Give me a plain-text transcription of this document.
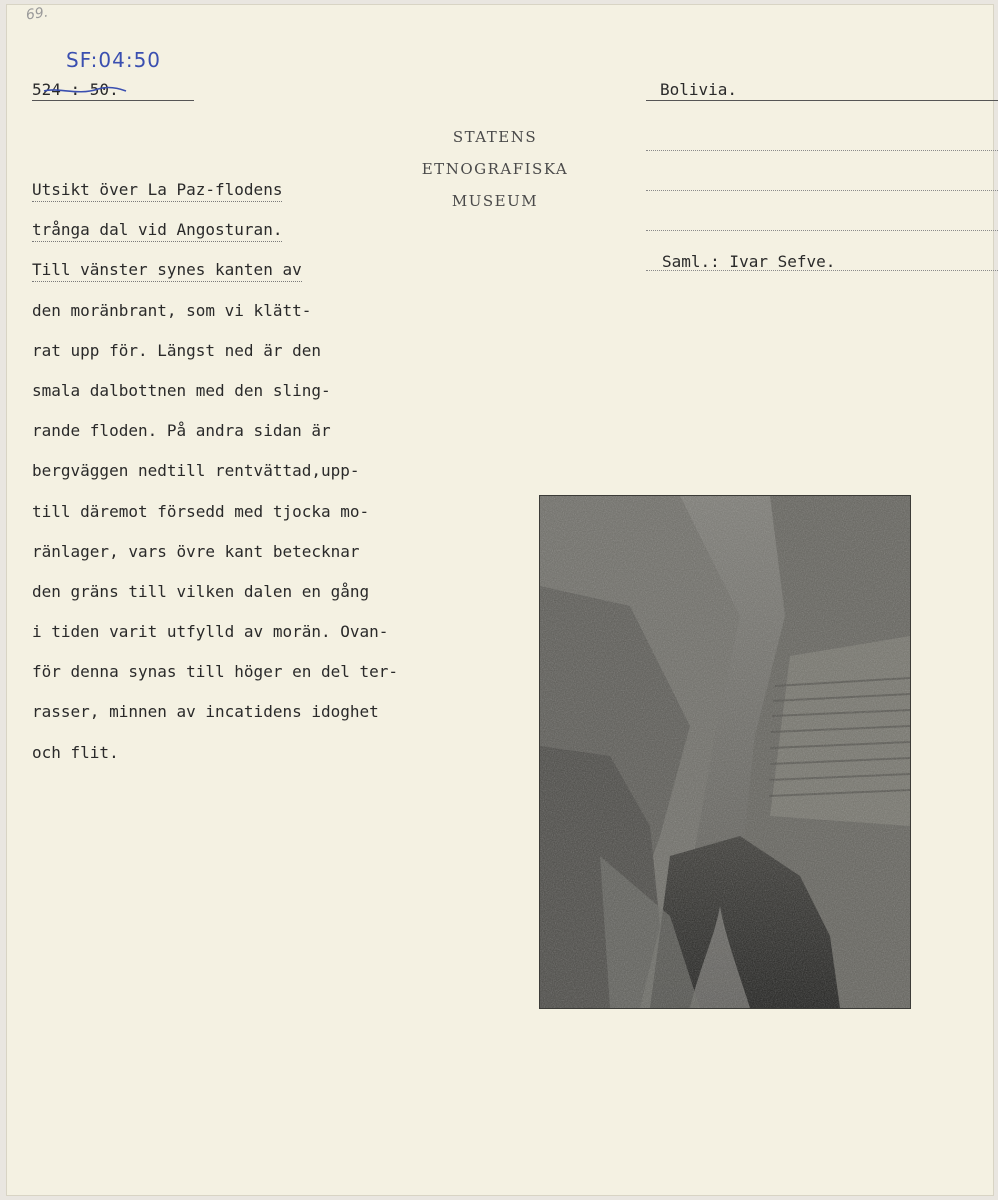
69.
SF:04:50
524 : 50.	Bolivia.
STATENS
ETNOGRAFISKA
MUSEUM
Saml.: Ivar Sefve.
Utsikt över La Paz-flodens
trånga dal vid Angosturan.
Till vänster synes kanten av
den moränbrant, som vi klätt-
rat upp för. Längst ned är den
smala dalbottnen med den sling-
rande floden. På andra sidan är
bergväggen nedtill rentvättad,upp-
till däremot försedd med tjocka mo-
ränlager, vars övre kant betecknar
den gräns till vilken dalen en gång
i tiden varit utfylld av morän. Ovan-
för denna synas till höger en del ter-
rasser, minnen av incatidens idoghet
och flit.
